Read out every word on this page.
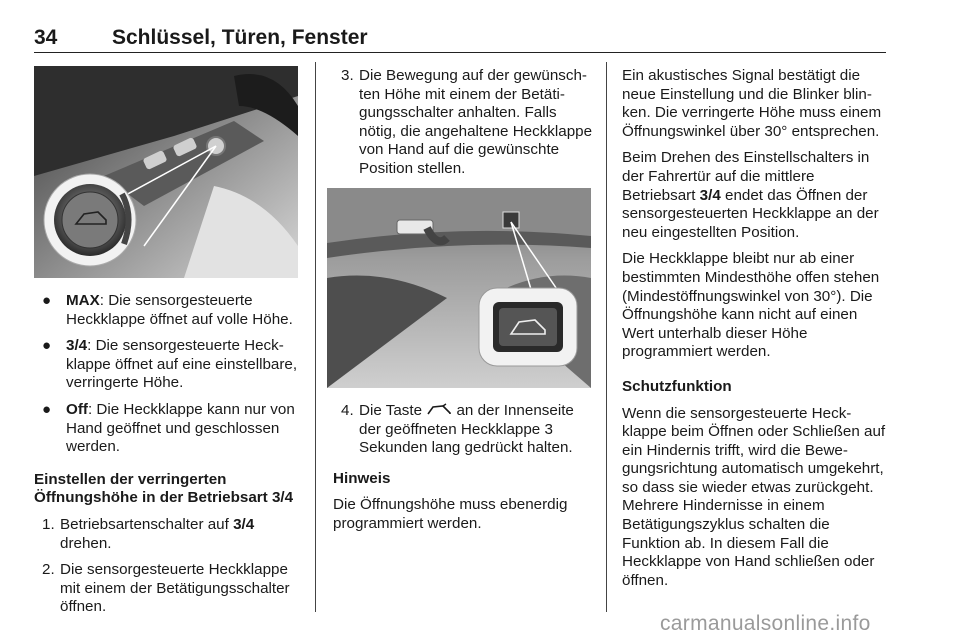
34	Schlüssel, Türen, Fenster
● MAX: Die sensorgesteuerte Heckklappe öffnet auf volle Höhe.
● 3/4: Die sensorgesteuerte Heckklappe öffnet auf eine einstellbare, verringerte Höhe.
● Off: Die Heckklappe kann nur von Hand geöffnet und geschlossen werden.

Einstellen der verringerten
Öffnungshöhe in der Betriebsart 3/4

1. Betriebsartenschalter auf 3/4 drehen.
2. Die sensorgesteuerte Heckklappe mit einem der Betätigungsschalter öffnen.
3. Die Bewegung auf der gewünschten Höhe mit einem der Betätigungsschalter anhalten. Falls nötig, die angehaltene Heckklappe von Hand auf die gewünschte Position stellen.
4. Die Taste  an der Innenseite der geöffneten Heckklappe 3 Sekunden lang gedrückt halten.

Hinweis

Die Öffnungshöhe muss ebenerdig programmiert werden.

Ein akustisches Signal bestätigt die neue Einstellung und die Blinker blinken. Die verringerte Höhe muss einem Öffnungswinkel über 30° entsprechen.

Beim Drehen des Einstellschalters in der Fahrertür auf die mittlere Betriebsart 3/4 endet das Öffnen der sensorgesteuerten Heckklappe an der neu eingestellten Position.

Die Heckklappe bleibt nur ab einer bestimmten Mindesthöhe offen stehen (Mindestöffnungswinkel von 30°). Die Öffnungshöhe kann nicht auf einen Wert unterhalb dieser Höhe programmiert werden.

Schutzfunktion

Wenn die sensorgesteuerte Heckklappe beim Öffnen oder Schließen auf ein Hindernis trifft, wird die Bewegungsrichtung automatisch umgekehrt, so dass sie wieder etwas zurückgeht. Mehrere Hindernisse in einem Betätigungszyklus schalten die Funktion ab. In diesem Fall die Heckklappe von Hand schließen oder öffnen.

carmanualsonline.info
